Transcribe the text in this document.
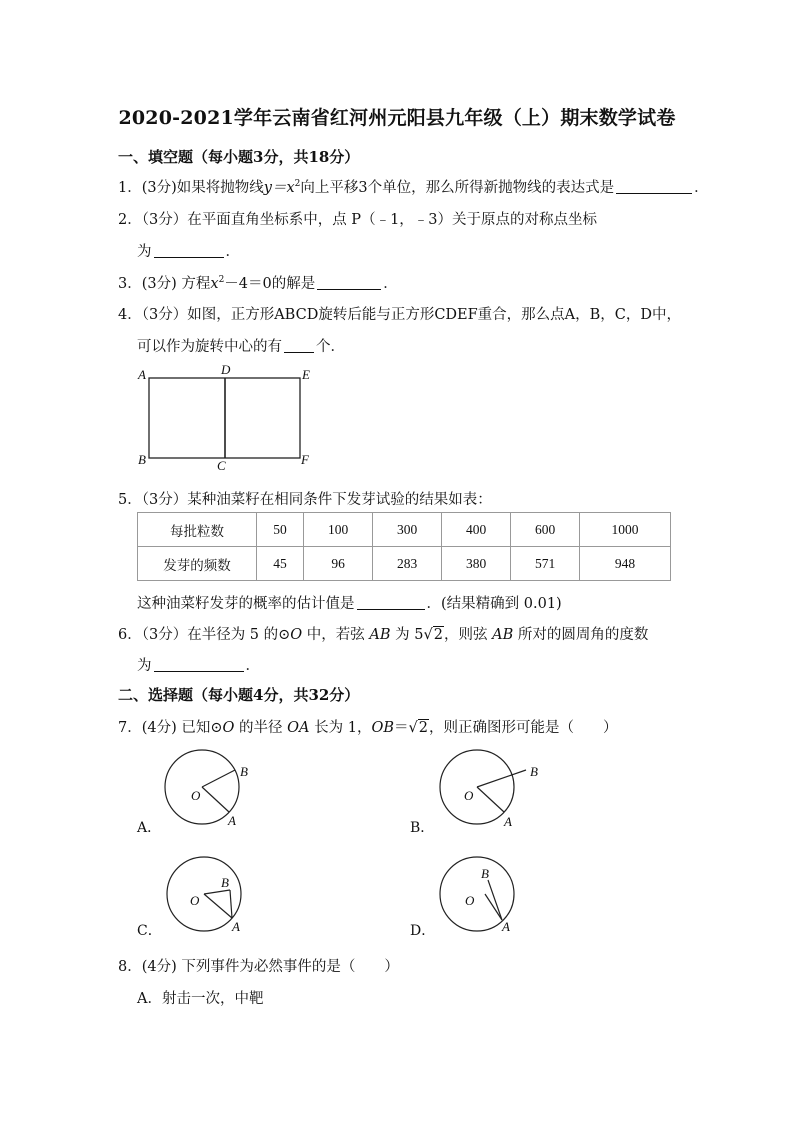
2020-2021学年云南省红河州元阳县九年级（上）期末数学试卷
一、填空题（每小题3分，共18分）
1．(3分)如果将抛物线$y=x^2$向上平移3个单位，那么所得新抛物线的表达式是	．
2．（3分）在平面直角坐标系中，点 P（﹣1，﹣3）关于原点的对称点坐标
为	．
3．(3分) 方程$x^2-4=0$的解是	．
4．（3分）如图，正方形ABCD旋转后能与正方形CDEF重合，那么点A，B，C，D中，
可以作为旋转中心的有 个．
A	D	E
B	C	F
5．（3分）某种油菜籽在相同条件下发芽试验的结果如表：
每批粒数	50	100	300	400	600	1000
发芽的频数	45	96	283	380	571	948
这种油菜籽发芽的概率的估计值是	．(结果精确到 0.01)
6．（3分）在半径为 5 的⊙O 中，若弦 AB 为 5√2，则弦 AB 所对的圆周角的度数
为	．
二、选择题（每小题4分，共32分）
7．(4分) 已知⊙O 的半径 OA 长为 1，OB＝√2，则正确图形可能是（　　）
A．	B．
C．	D．
O
B
A
O
B
A
O
B
A
O
B
A
8．(4分) 下列事件为必然事件的是（　　）
A．射击一次，中靶
